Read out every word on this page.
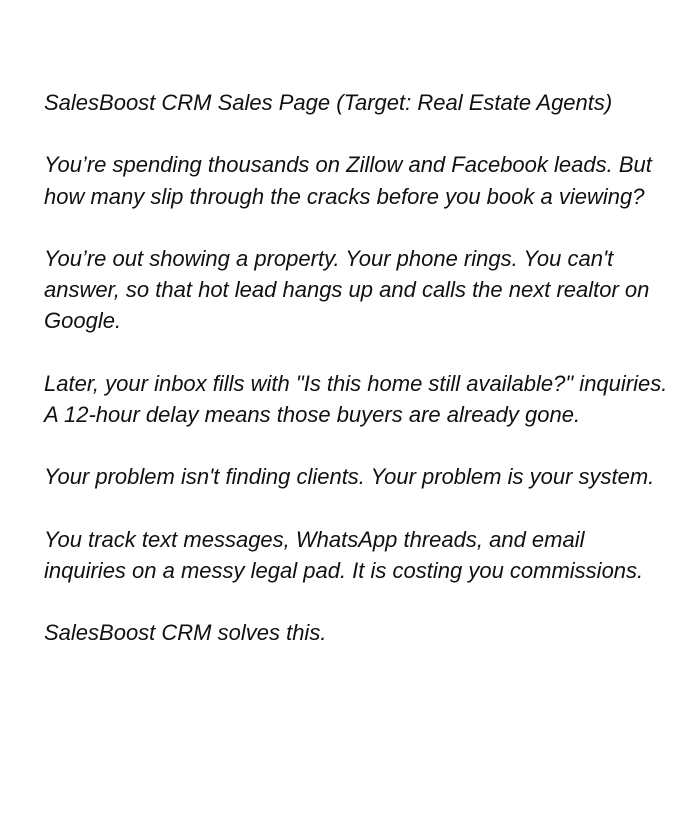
SalesBoost CRM Sales Page (Target: Real Estate Agents)

You’re spending thousands on Zillow and Facebook leads. But how many slip through the cracks before you book a viewing?

You’re out showing a property. Your phone rings. You can't answer, so that hot lead hangs up and calls the next realtor on Google.

Later, your inbox fills with "Is this home still available?" inquiries. A 12-hour delay means those buyers are already gone.

Your problem isn't finding clients. Your problem is your system.

You track text messages, WhatsApp threads, and email inquiries on a messy legal pad. It is costing you commissions.

SalesBoost CRM solves this.
